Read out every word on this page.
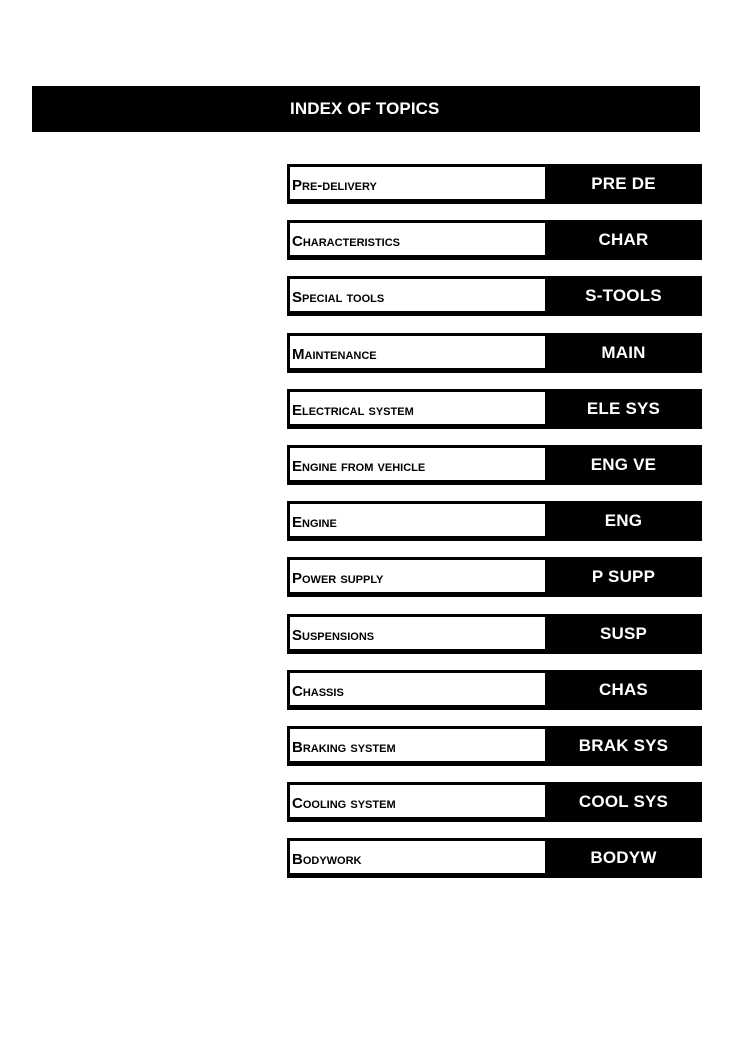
INDEX OF TOPICS
Pre-delivery	PRE DE
Characteristics	CHAR
Special tools	S-TOOLS
Maintenance	MAIN
Electrical system	ELE SYS
Engine from vehicle	ENG VE
Engine	ENG
Power supply	P SUPP
Suspensions	SUSP
Chassis	CHAS
Braking system	BRAK SYS
Cooling system	COOL SYS
Bodywork	BODYW
